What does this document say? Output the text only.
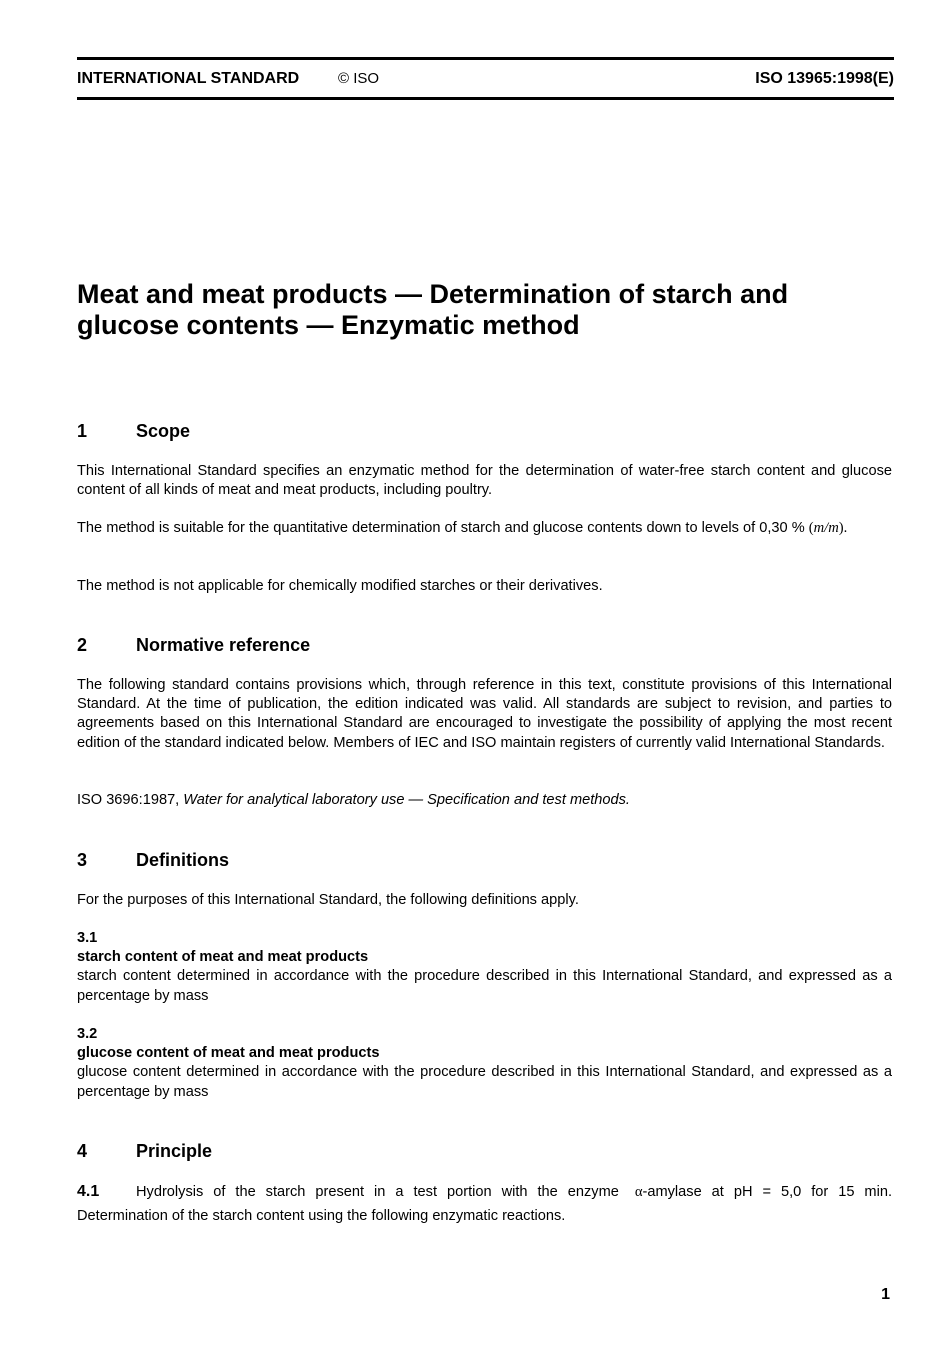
INTERNATIONAL STANDARD	© ISO	ISO 13965:1998(E)
Meat and meat products — Determination of starch and
glucose contents — Enzymatic method
1	Scope

This International Standard specifies an enzymatic method for the determination of water-free starch content and glucose content of all kinds of meat and meat products, including poultry.

The method is suitable for the quantitative determination of starch and glucose contents down to levels of 0,30 % (m/m).

The method is not applicable for chemically modified starches or their derivatives.

2	Normative reference

The following standard contains provisions which, through reference in this text, constitute provisions of this International Standard. At the time of publication, the edition indicated was valid. All standards are subject to revision, and parties to agreements based on this International Standard are encouraged to investigate the possibility of applying the most recent edition of the standard indicated below. Members of IEC and ISO maintain registers of currently valid International Standards.

ISO 3696:1987, Water for analytical laboratory use — Specification and test methods.

3	Definitions

For the purposes of this International Standard, the following definitions apply.

3.1
starch content of meat and meat products
starch content determined in accordance with the procedure described in this International Standard, and expressed as a percentage by mass

3.2
glucose content of meat and meat products
glucose content determined in accordance with the procedure described in this International Standard, and expressed as a percentage by mass

4	Principle

4.1	Hydrolysis of the starch present in a test portion with the enzyme α-amylase at pH = 5,0 for 15 min.

Determination of the starch content using the following enzymatic reactions.

1
